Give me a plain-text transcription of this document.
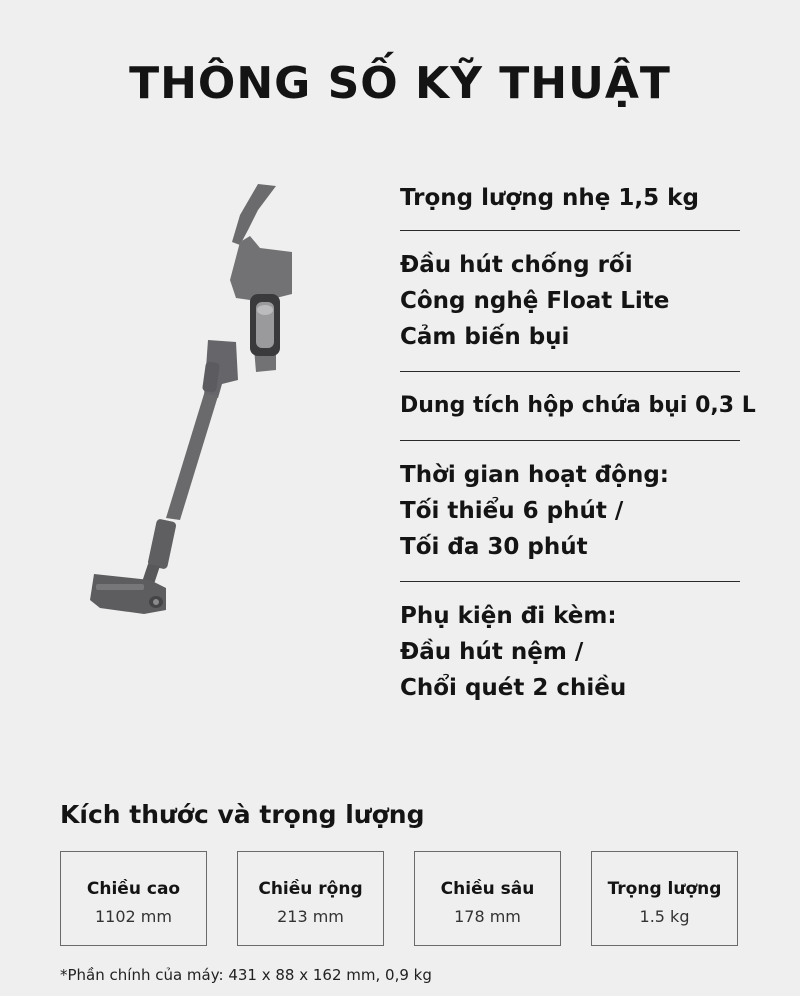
THÔNG SỐ KỸ THUẬT

Trọng lượng nhẹ 1,5 kg

Đầu hút chống rối

Công nghệ Float Lite

Cảm biến bụi

Dung tích hộp chứa bụi 0,3 L

Thời gian hoạt động:

Tối thiểu 6 phút /

Tối đa 30 phút

Phụ kiện đi kèm:

Đầu hút nệm /

Chổi quét 2 chiều

Kích thước và trọng lượng
Chiều cao
1102 mm
Chiều rộng
213 mm
Chiều sâu
178 mm
Trọng lượng
1.5 kg

*Phần chính của máy: 431 x 88 x 162 mm, 0,9 kg
